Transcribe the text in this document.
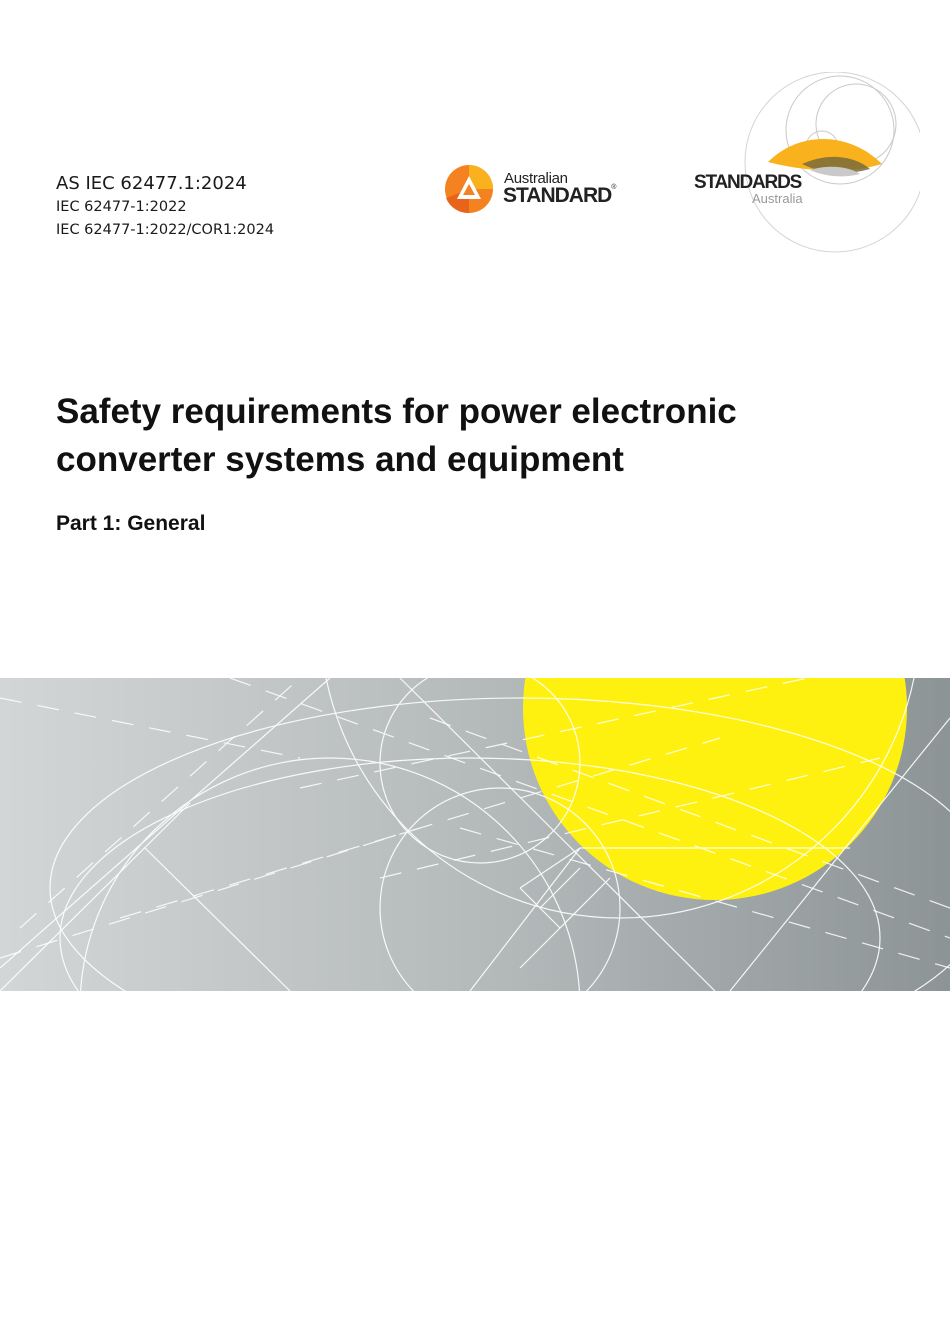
AS IEC 62477.1:2024
IEC 62477-1:2022
IEC 62477-1:2022/COR1:2024
Australian
STANDARD®	STANDARDS
Australia
Safety requirements for power electronic
converter systems and equipment
Part 1: General
